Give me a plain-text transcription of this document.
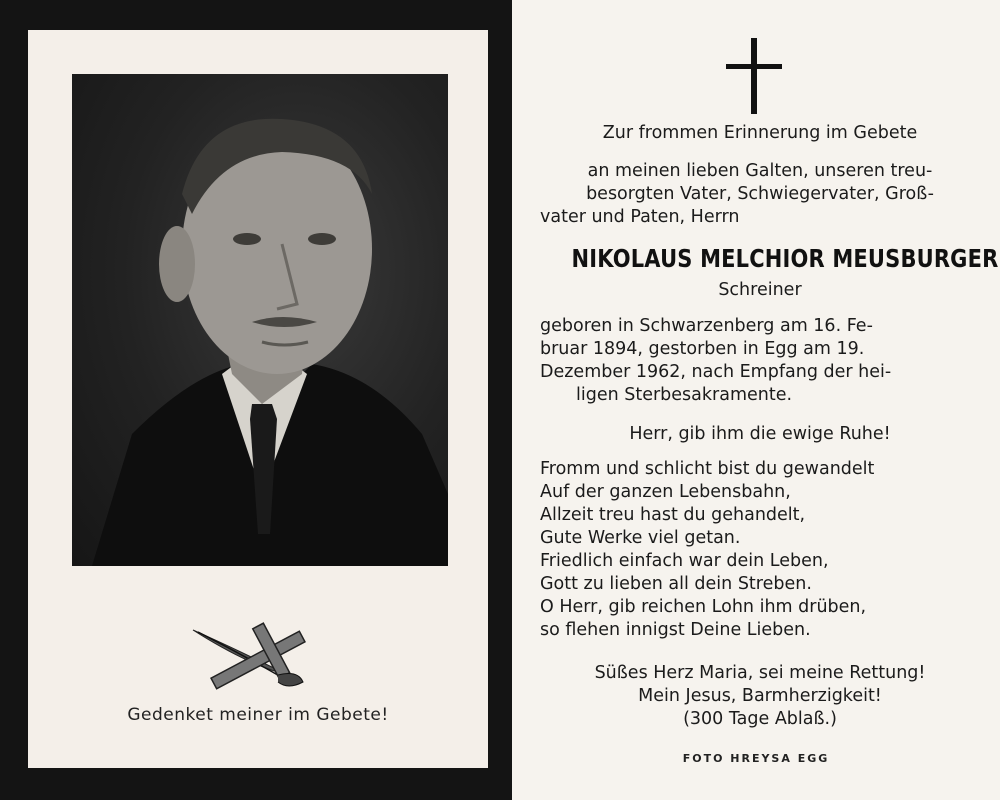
Gedenket meiner im Gebete!
Zur frommen Erinnerung im Gebete
an meinen lieben Galten, unseren treu-
besorgten Vater, Schwiegervater, Groß-
vater und Paten, Herrn
NIKOLAUS MELCHIOR MEUSBURGER
Schreiner
geboren in Schwarzenberg am 16. Fe-
bruar 1894, gestorben in Egg am 19.
Dezember 1962, nach Empfang der hei-
ligen Sterbesakramente.
Herr, gib ihm die ewige Ruhe!
Fromm und schlicht bist du gewandelt
Auf der ganzen Lebensbahn,
Allzeit treu hast du gehandelt,
Gute Werke viel getan.
Friedlich einfach war dein Leben,
Gott zu lieben all dein Streben.
O Herr, gib reichen Lohn ihm drüben,
so flehen innigst Deine Lieben.
Süßes Herz Maria, sei meine Rettung!
Mein Jesus, Barmherzigkeit!
(300 Tage Ablaß.)
FOTO HREYSA EGG
